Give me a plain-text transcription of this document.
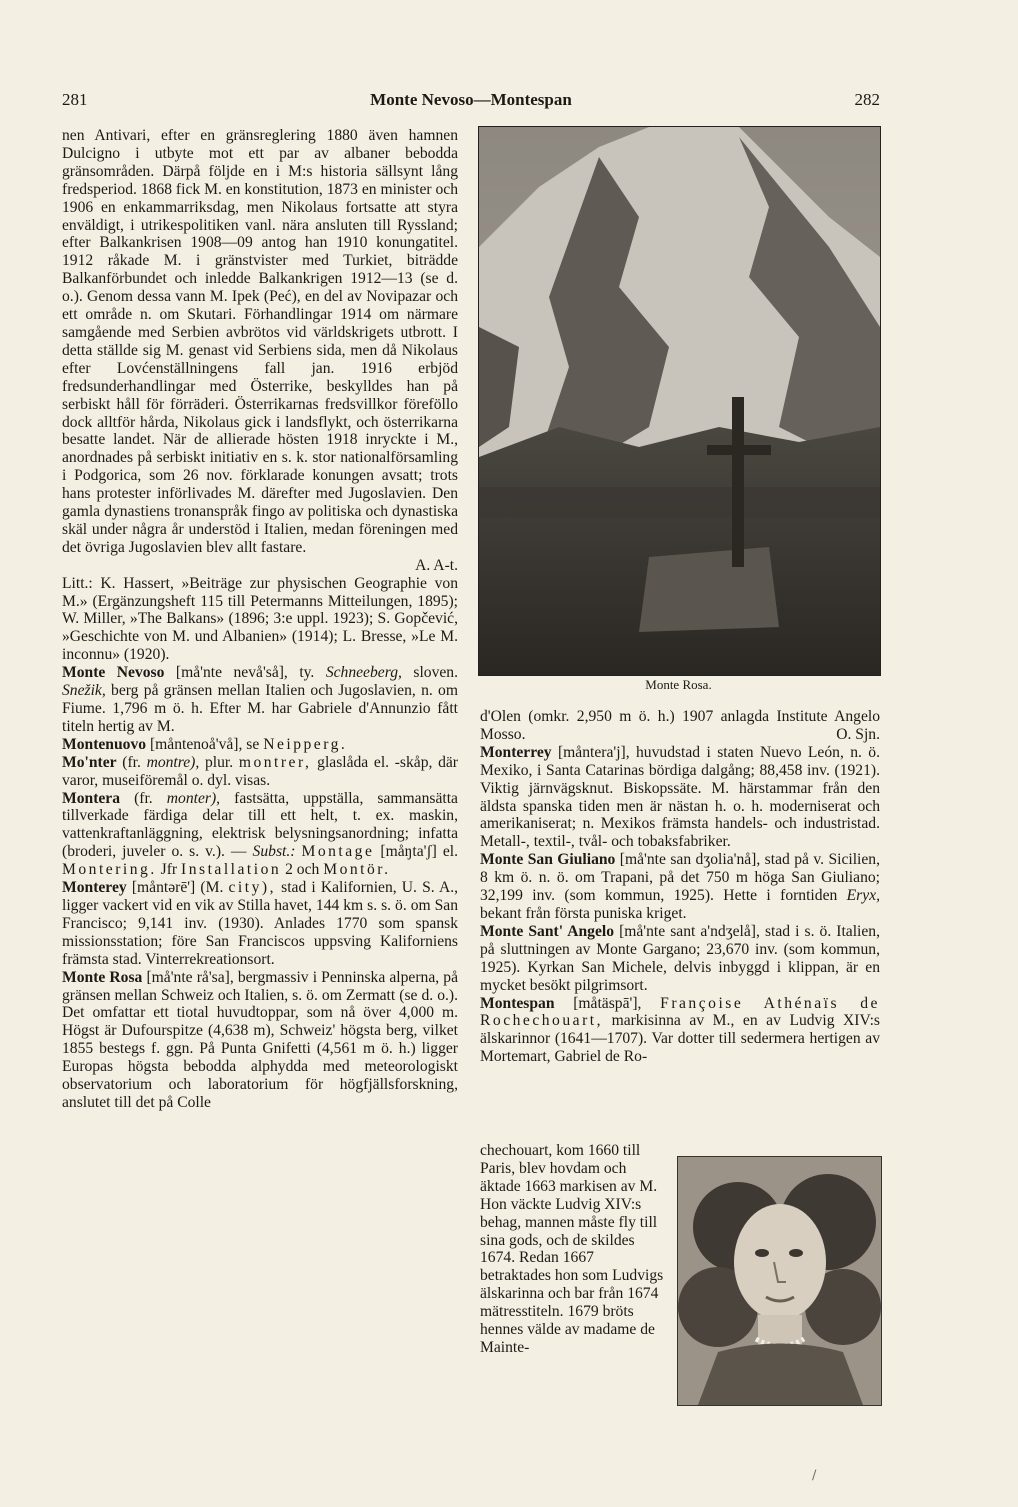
281	Monte Nevoso—Montespan	282

nen Antivari, efter en gränsreglering 1880 även hamnen Dulcigno i utbyte mot ett par av albaner bebodda gränsområden. Därpå följde en i M:s historia sällsynt lång fredsperiod. 1868 fick M. en konstitution, 1873 en minister och 1906 en enkammarriksdag, men Nikolaus fortsatte att styra enväldigt, i utrikespolitiken vanl. nära ansluten till Ryssland; efter Balkankrisen 1908—09 antog han 1910 konungatitel. 1912 råkade M. i gränstvister med Turkiet, biträdde Balkanförbundet och inledde Balkankrigen 1912—13 (se d. o.). Genom dessa vann M. Ipek (Peć), en del av Novipazar och ett område n. om Skutari. Förhandlingar 1914 om närmare samgående med Serbien avbrötos vid världskrigets utbrott. I detta ställde sig M. genast vid Serbiens sida, men då Nikolaus efter Lovćenställningens fall jan. 1916 erbjöd fredsunderhandlingar med Österrike, beskylldes han på serbiskt håll för förräderi. Österrikarnas fredsvillkor föreföllo dock alltför hårda, Nikolaus gick i landsflykt, och österrikarna besatte landet. När de allierade hösten 1918 inryckte i M., anordnades på serbiskt initiativ en s. k. stor nationalförsamling i Podgorica, som 26 nov. förklarade konungen avsatt; trots hans protester införlivades M. därefter med Jugoslavien. Den gamla dynastiens tronanspråk fingo av politiska och dynastiska skäl under några år understöd i Italien, medan föreningen med det övriga Jugoslavien blev allt fastare.

A. A-t.

Litt.: K. Hassert, »Beiträge zur physischen Geographie von M.» (Ergänzungsheft 115 till Petermanns Mitteilungen, 1895); W. Miller, »The Balkans» (1896; 3:e uppl. 1923); S. Gopčević, »Geschichte von M. und Albanien» (1914); L. Bresse, »Le M. inconnu» (1920).

Monte Nevoso [må'nte nevå'så], ty. Schneeberg, sloven. Snežik, berg på gränsen mellan Italien och Jugoslavien, n. om Fiume. 1,796 m ö. h. Efter M. har Gabriele d'Annunzio fått titeln hertig av M.

Montenuovo [måntenoå'vå], se Neipperg.

Mo'nter (fr. montre), plur. montrer, glaslåda el. -skåp, där varor, museiföremål o. dyl. visas.

Montera (fr. monter), fastsätta, uppställa, sammansätta tillverkade färdiga delar till ett helt, t. ex. maskin, vattenkraftanläggning, elektrisk belysningsanordning; infatta (broderi, juveler o. s. v.). — Subst.: Montage [måŋta'ʃ] el. Montering. Jfr Installation 2 och Montör.

Monterey [måntərē'] (M. city), stad i Kalifornien, U. S. A., ligger vackert vid en vik av Stilla havet, 144 km s. s. ö. om San Francisco; 9,141 inv. (1930). Anlades 1770 som spansk missionsstation; före San Franciscos uppsving Kaliforniens främsta stad. Vinterrekreationsort.

Monte Rosa [må'nte rå'sa], bergmassiv i Penninska alperna, på gränsen mellan Schweiz och Italien, s. ö. om Zermatt (se d. o.). Det omfattar ett tiotal huvudtoppar, som nå över 4,000 m. Högst är Dufourspitze (4,638 m), Schweiz' högsta berg, vilket 1855 bestegs f. ggn. På Punta Gnifetti (4,561 m ö. h.) ligger Europas högsta bebodda alphydda med meteorologiskt observatorium och laboratorium för högfjällsforskning, anslutet till det på Colle

Monte Rosa.

d'Olen (omkr. 2,950 m ö. h.) 1907 anlagda Institute Angelo Mosso.	O. Sjn.

Monterrey [måntera'j], huvudstad i staten Nuevo León, n. ö. Mexiko, i Santa Catarinas bördiga dalgång; 88,458 inv. (1921). Viktig järnvägsknut. Biskopssäte. M. härstammar från den äldsta spanska tiden men är nästan h. o. h. moderniserat och amerikaniserat; n. Mexikos främsta handels- och industristad. Metall-, textil-, tvål- och tobaksfabriker.

Monte San Giuliano [må'nte san dʒolia'nå], stad på v. Sicilien, 8 km ö. n. ö. om Trapani, på det 750 m höga San Giuliano; 32,199 inv. (som kommun, 1925). Hette i forntiden Eryx, bekant från första puniska kriget.

Monte Sant' Angelo [må'nte sant a'ndʒelå], stad i s. ö. Italien, på sluttningen av Monte Gargano; 23,670 inv. (som kommun, 1925). Kyrkan San Michele, delvis inbyggd i klippan, är en mycket besökt pilgrimsort.

Montespan [måtäspā'], Françoise Athénaïs de Rochechouart, markisinna av M., en av Ludvig XIV:s älskarinnor (1641—1707). Var dotter till sedermera hertigen av Mortemart, Gabriel de Ro-

chechouart, kom 1660 till Paris, blev hovdam och äktade 1663 markisen av M. Hon väckte Ludvig XIV:s behag, mannen måste fly till sina gods, och de skildes 1674. Redan 1667 betraktades hon som Ludvigs älskarinna och bar från 1674 mätresstiteln. 1679 bröts hennes välde av madame de Mainte-
/
